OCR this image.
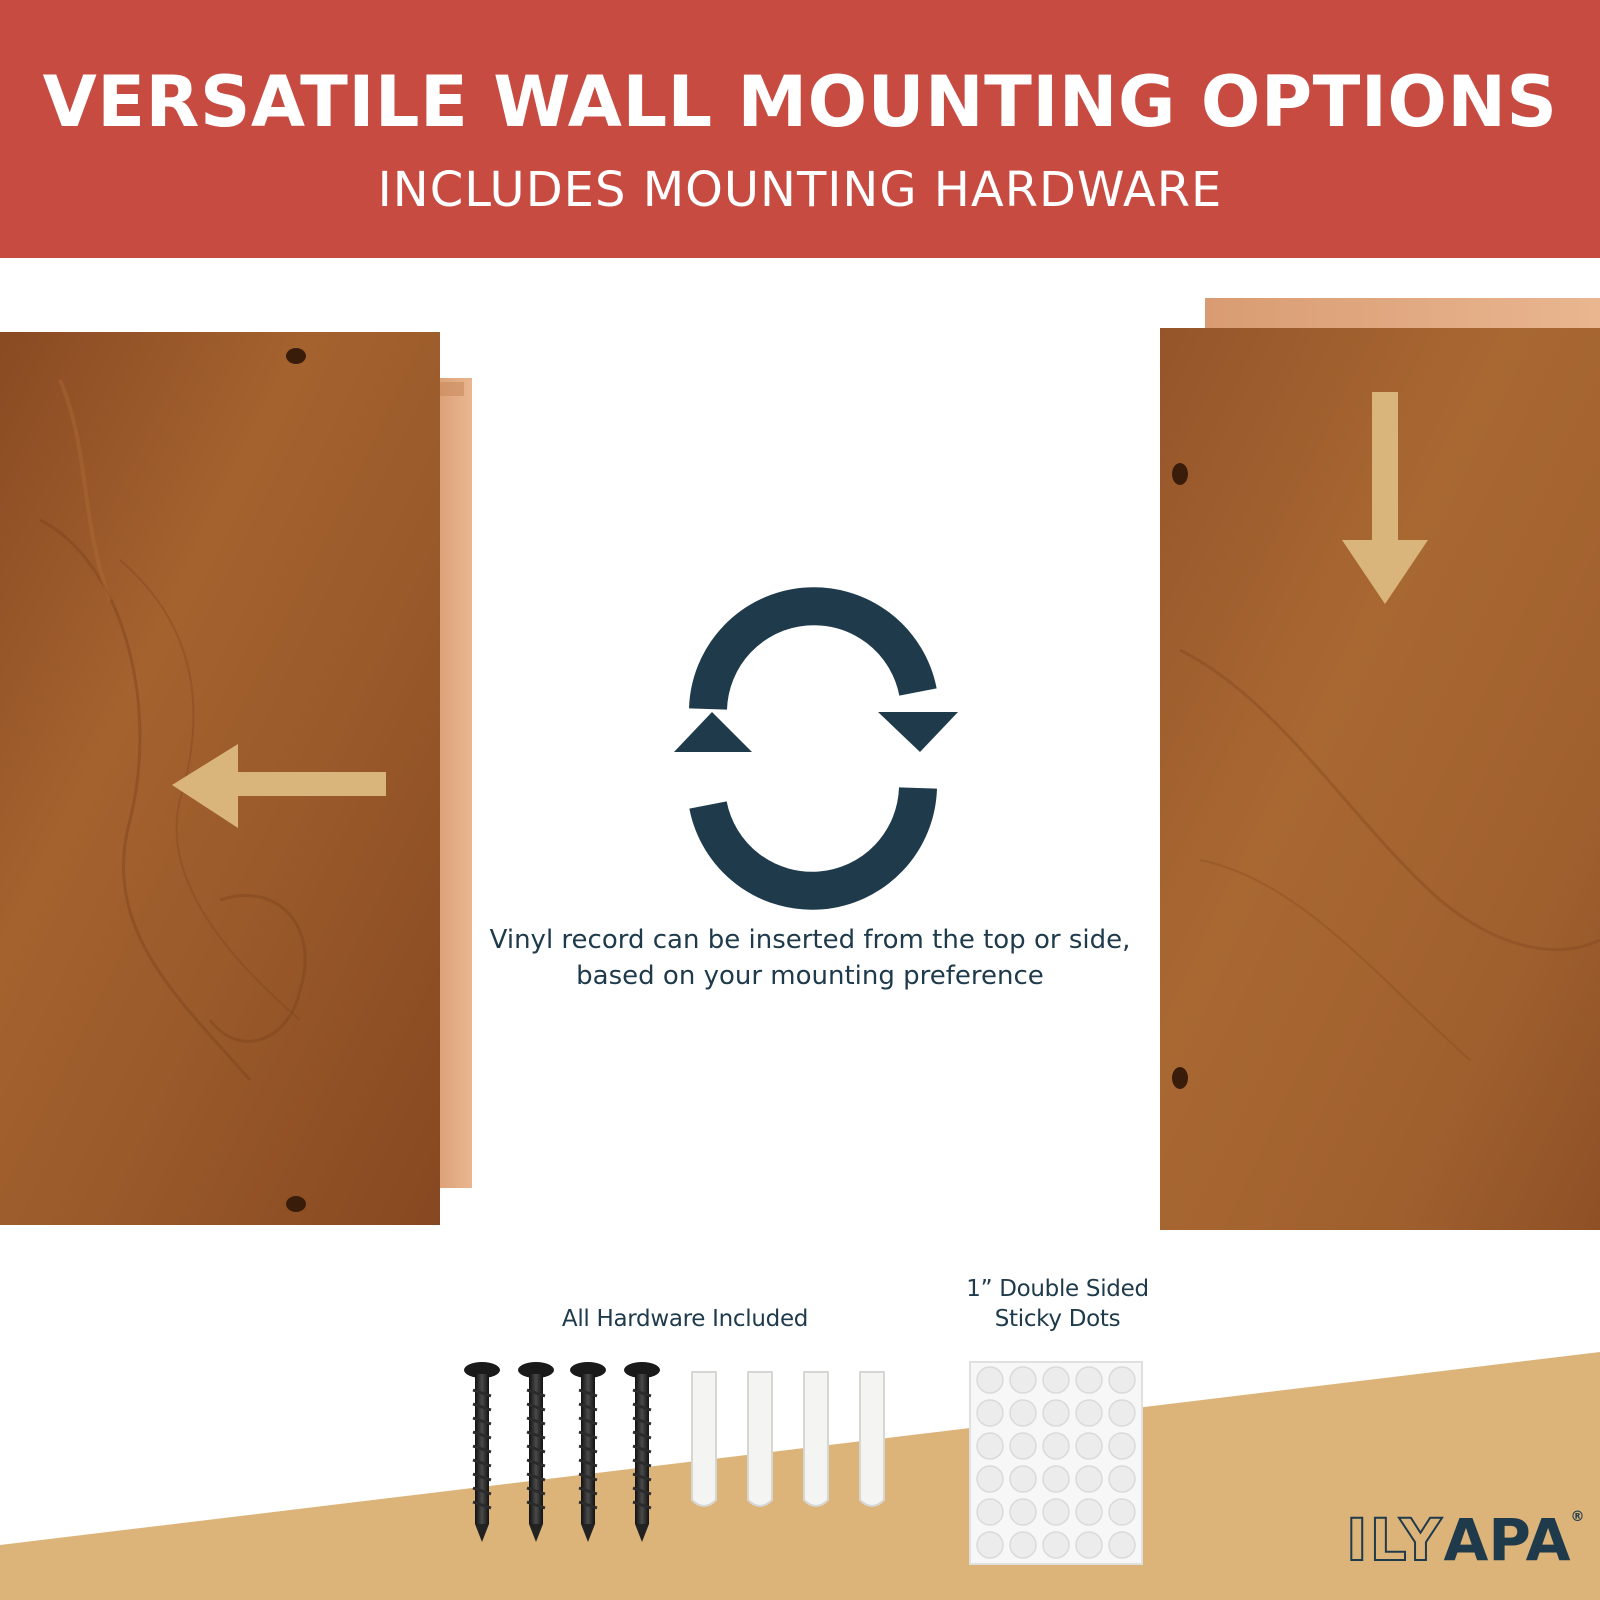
VERSATILE WALL MOUNTING OPTIONS
INCLUDES MOUNTING HARDWARE
Vinyl record can be inserted from the top or side,
based on your mounting preference
All Hardware Included
1” Double Sided
Sticky Dots
ILYAPA®
